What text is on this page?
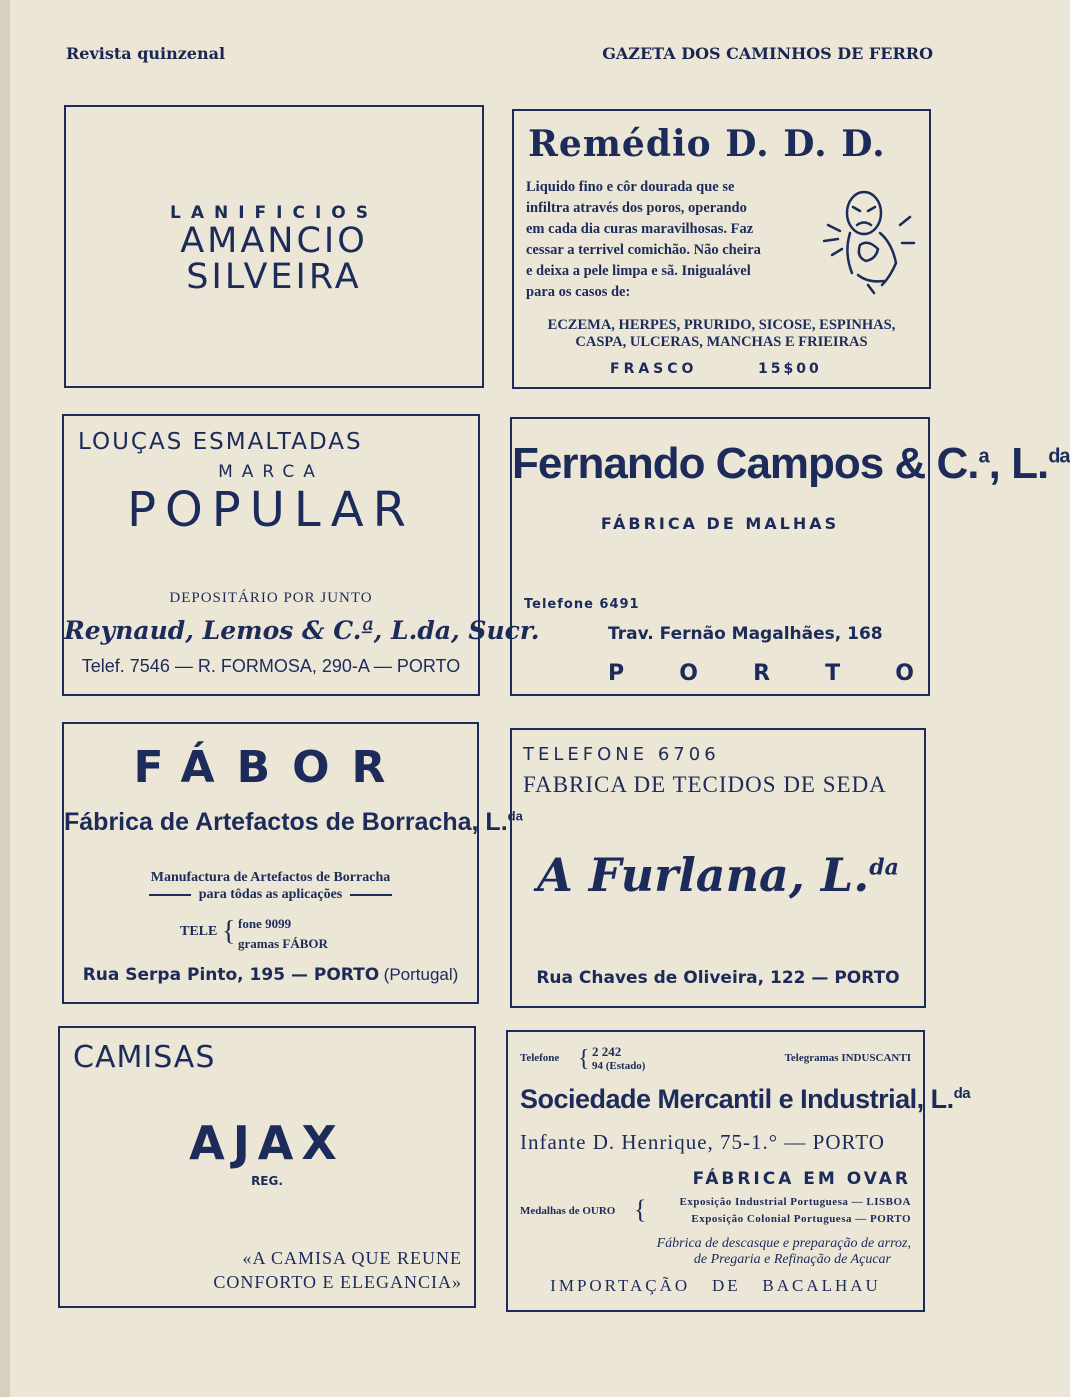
Revista quinzenal	GAZETA DOS CAMINHOS DE FERRO
LANIFICIOS
AMANCIO
SILVEIRA
Remédio D. D. D.
Liquido fino e côr dourada que se
infiltra através dos poros, operando
em cada dia curas maravilhosas. Faz
cessar a terrivel comichão. Não cheira
e deixa a pele limpa e sã. Inigualável
para os casos de:
ECZEMA, HERPES, PRURIDO, SICOSE, ESPINHAS,
CASPA, ULCERAS, MANCHAS E FRIEIRAS
FRASCO	15$00
LOUÇAS ESMALTADAS
MARCA
POPULAR
DEPOSITÁRIO POR JUNTO
Reynaud, Lemos & C.ª, L.da, Sucr.
Telef. 7546 — R. FORMOSA, 290-A — PORTO
Fernando Campos & C.$^a$, L.$^{da}$
FÁBRICA DE MALHAS
Telefone 6491
Trav. Fernão Magalhães, 168
P	O	R	T	O
FÁBOR
Fábrica de Artefactos de Borracha, L.$^{da}$
Manufactura de Artefactos de Borracha
para tôdas as aplicações
TELE { fone 9099
gramas FÁBOR
Rua Serpa Pinto, 195 — PORTO (Portugal)
TELEFONE 6706
FABRICA DE TECIDOS DE SEDA
A Furlana, L.$^{da}$
Rua Chaves de Oliveira, 122 — PORTO
CAMISAS
AJAX
REG.
«A CAMISA QUE REUNE
CONFORTO E ELEGANCIA»
Telefone { 2 242
94 (Estado)
Telegramas INDUSCANTI
Sociedade Mercantil e Industrial, L.$^{da}$
Infante D. Henrique, 75-1.° — PORTO
FÁBRICA EM OVAR
Medalhas de OURO {	Exposição Industrial Portuguesa — LISBOA
Exposição Colonial Portuguesa — PORTO
Fábrica de descasque e preparação de arroz,
de Pregaria e Refinação de Açucar
IMPORTAÇÃO   DE   BACALHAU
